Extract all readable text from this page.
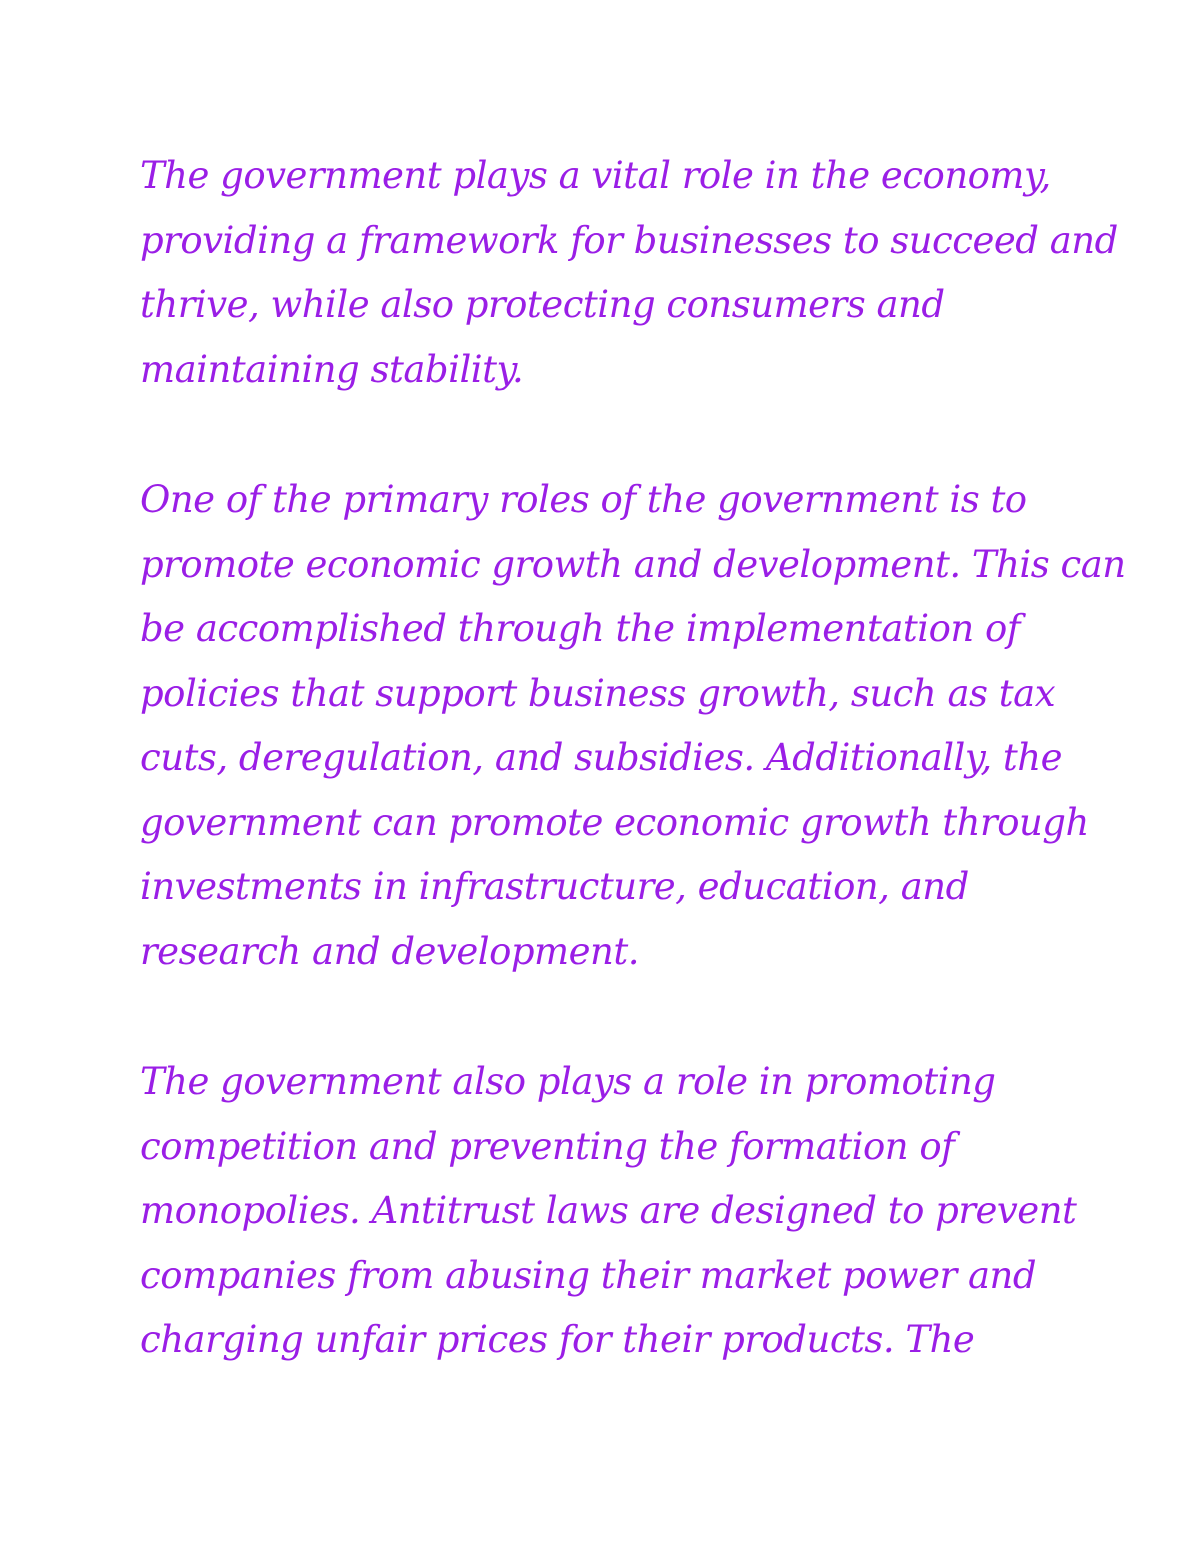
The government plays a vital role in the economy,
providing a framework for businesses to succeed and
thrive, while also protecting consumers and
maintaining stability.
One of the primary roles of the government is to
promote economic growth and development. This can
be accomplished through the implementation of
policies that support business growth, such as tax
cuts, deregulation, and subsidies. Additionally, the
government can promote economic growth through
investments in infrastructure, education, and
research and development.
The government also plays a role in promoting
competition and preventing the formation of
monopolies. Antitrust laws are designed to prevent
companies from abusing their market power and
charging unfair prices for their products. The
